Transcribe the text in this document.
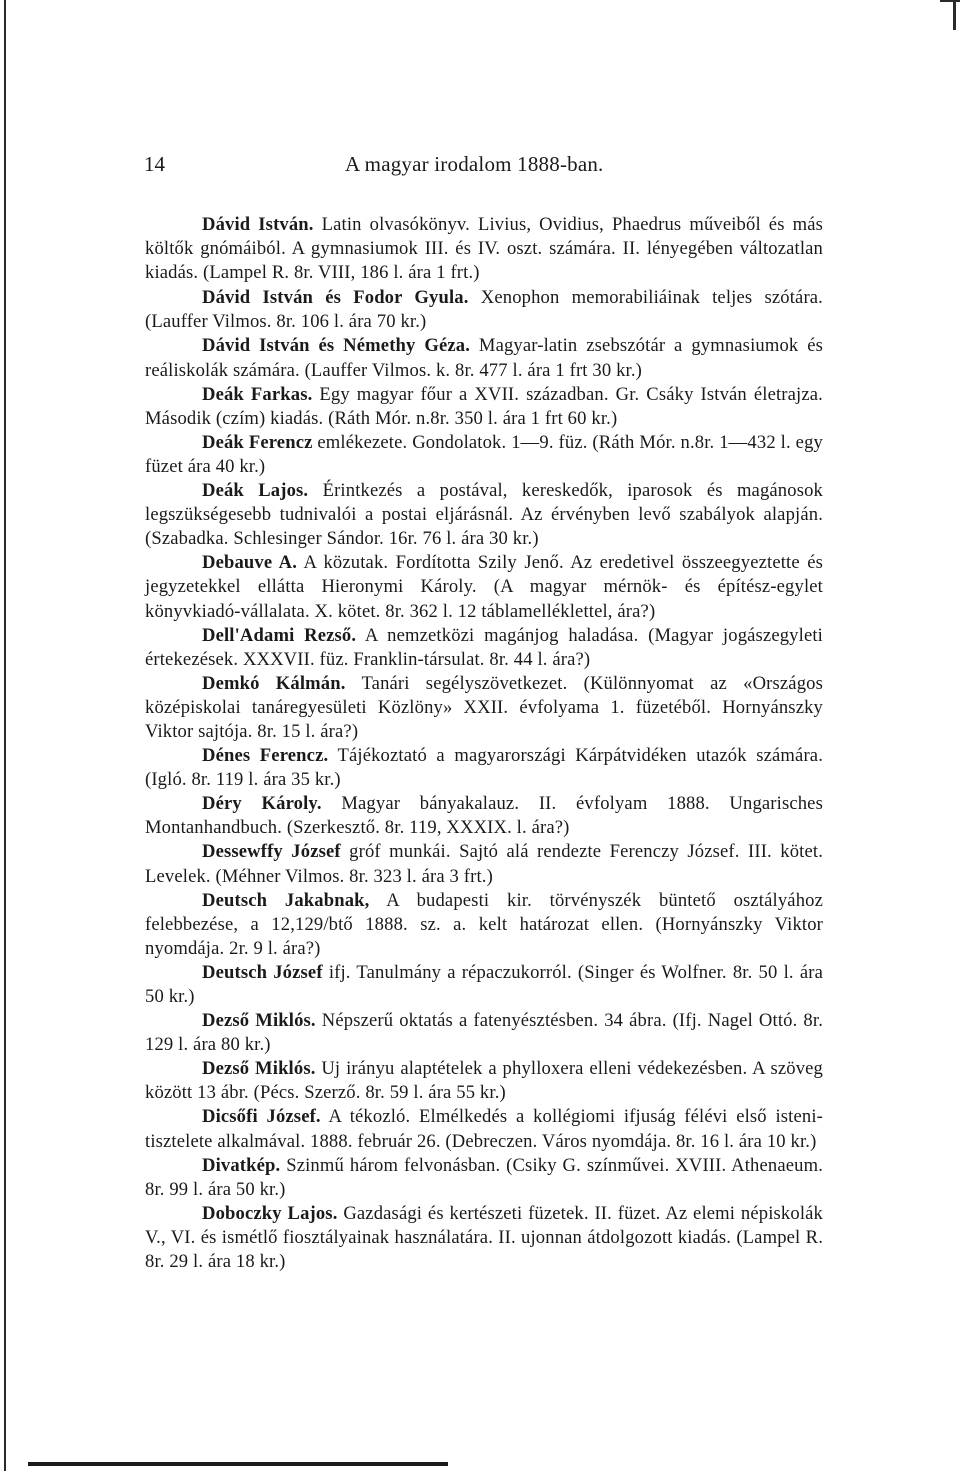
14	A magyar irodalom 1888-ban.

Dávid István. Latin olvasókönyv. Livius, Ovidius, Phaedrus műveiből és más költők gnómáiból. A gymnasiumok III. és IV. oszt. számára. II. lényegében változatlan kiadás. (Lampel R. 8r. VIII, 186 l. ára 1 frt.)

Dávid István és Fodor Gyula. Xenophon memorabiliáinak teljes szótára. (Lauffer Vilmos. 8r. 106 l. ára 70 kr.)

Dávid István és Némethy Géza. Magyar-latin zsebszótár a gymnasiumok és reáliskolák számára. (Lauffer Vilmos. k. 8r. 477 l. ára 1 frt 30 kr.)

Deák Farkas. Egy magyar főur a XVII. században. Gr. Csáky István életrajza. Második (czím) kiadás. (Ráth Mór. n.8r. 350 l. ára 1 frt 60 kr.)

Deák Ferencz emlékezete. Gondolatok. 1—9. füz. (Ráth Mór. n.8r. 1—432 l. egy füzet ára 40 kr.)

Deák Lajos. Érintkezés a postával, kereskedők, iparosok és magánosok legszükségesebb tudnivalói a postai eljárásnál. Az érvényben levő szabályok alapján. (Szabadka. Schlesinger Sándor. 16r. 76 l. ára 30 kr.)

Debauve A. A közutak. Fordította Szily Jenő. Az eredetivel összeegyeztette és jegyzetekkel ellátta Hieronymi Károly. (A magyar mérnök- és építész-egylet könyvkiadó-vállalata. X. kötet. 8r. 362 l. 12 táblamelléklettel, ára?)

Dell'Adami Rezső. A nemzetközi magánjog haladása. (Magyar jogászegyleti értekezések. XXXVII. füz. Franklin-társulat. 8r. 44 l. ára?)

Demkó Kálmán. Tanári segélyszövetkezet. (Különnyomat az «Országos középiskolai tanáregyesületi Közlöny» XXII. évfolyama 1. füzetéből. Hornyánszky Viktor sajtója. 8r. 15 l. ára?)

Dénes Ferencz. Tájékoztató a magyarországi Kárpátvidéken utazók számára. (Igló. 8r. 119 l. ára 35 kr.)

Déry Károly. Magyar bányakalauz. II. évfolyam 1888. Ungarisches Montanhandbuch. (Szerkesztő. 8r. 119, XXXIX. l. ára?)

Dessewffy József gróf munkái. Sajtó alá rendezte Ferenczy József. III. kötet. Levelek. (Méhner Vilmos. 8r. 323 l. ára 3 frt.)

Deutsch Jakabnak, A budapesti kir. törvényszék büntető osztályához felebbezése, a 12,129/btő 1888. sz. a. kelt határozat ellen. (Hornyánszky Viktor nyomdája. 2r. 9 l. ára?)

Deutsch József ifj. Tanulmány a répaczukorról. (Singer és Wolfner. 8r. 50 l. ára 50 kr.)

Dezső Miklós. Népszerű oktatás a fatenyésztésben. 34 ábra. (Ifj. Nagel Ottó. 8r. 129 l. ára 80 kr.)

Dezső Miklós. Uj irányu alaptételek a phylloxera elleni védekezésben. A szöveg között 13 ábr. (Pécs. Szerző. 8r. 59 l. ára 55 kr.)

Dicsőfi József. A tékozló. Elmélkedés a kollégiomi ifjuság félévi első isteni-tisztelete alkalmával. 1888. február 26. (Debreczen. Város nyomdája. 8r. 16 l. ára 10 kr.)

Divatkép. Szinmű három felvonásban. (Csiky G. színművei. XVIII. Athenaeum. 8r. 99 l. ára 50 kr.)

Doboczky Lajos. Gazdasági és kertészeti füzetek. II. füzet. Az elemi népiskolák V., VI. és ismétlő fiosztályainak használatára. II. ujonnan átdolgozott kiadás. (Lampel R. 8r. 29 l. ára 18 kr.)
